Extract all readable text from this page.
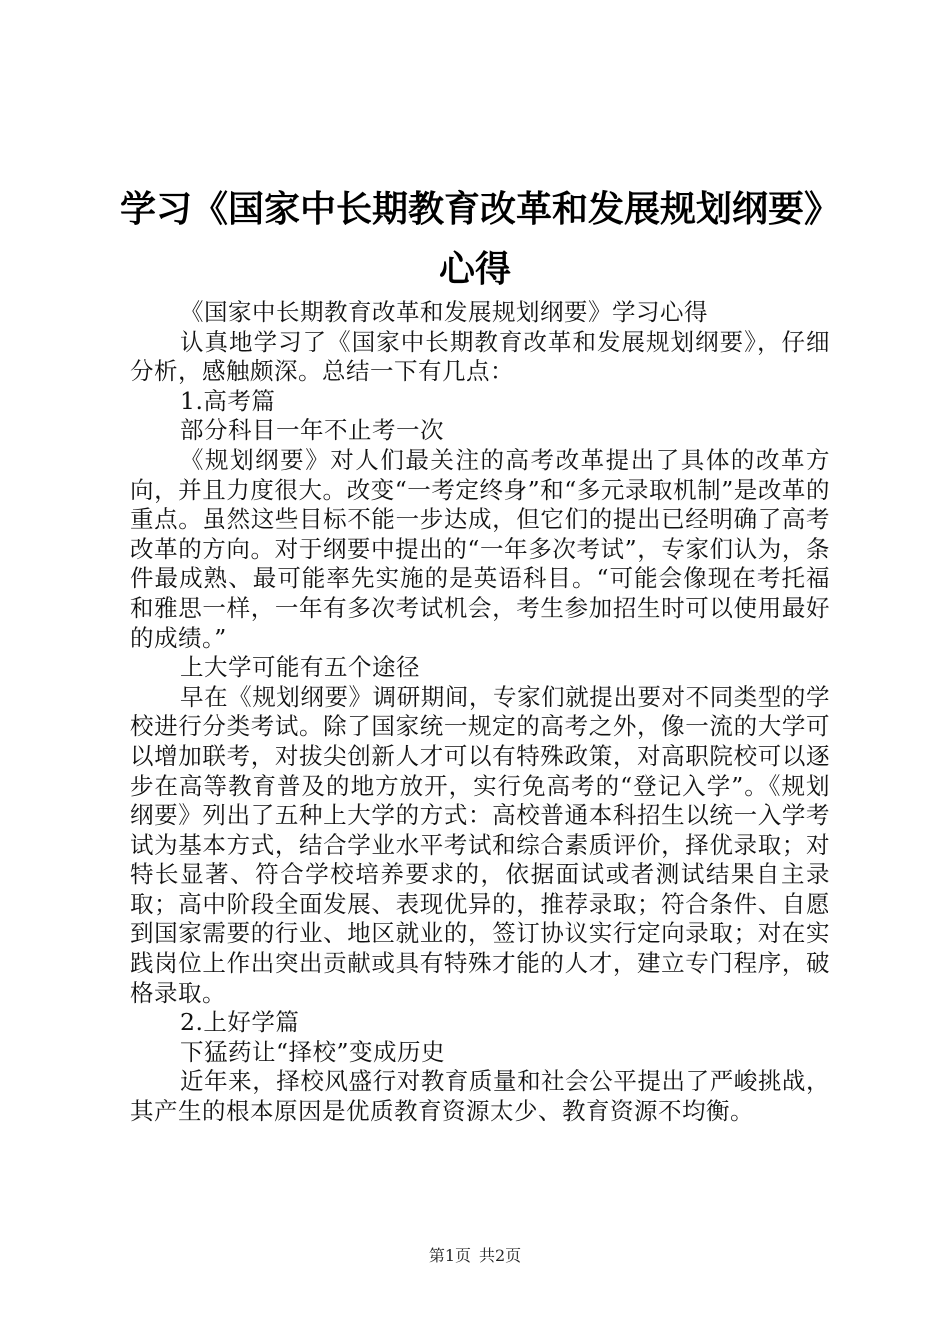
学习《国家中长期教育改革和发展规划纲要》
心得

《国家中长期教育改革和发展规划纲要》学习心得

认真地学习了《国家中长期教育改革和发展规划纲要》，仔细分析，感触颇深。总结一下有几点：

1.高考篇

部分科目一年不止考一次

《规划纲要》对人们最关注的高考改革提出了具体的改革方向，并且力度很大。改变“一考定终身”和“多元录取机制”是改革的重点。虽然这些目标不能一步达成，但它们的提出已经明确了高考改革的方向。对于纲要中提出的“一年多次考试”，专家们认为，条件最成熟、最可能率先实施的是英语科目。“可能会像现在考托福和雅思一样，一年有多次考试机会，考生参加招生时可以使用最好的成绩。”

上大学可能有五个途径

早在《规划纲要》调研期间，专家们就提出要对不同类型的学校进行分类考试。除了国家统一规定的高考之外，像一流的大学可以增加联考，对拔尖创新人才可以有特殊政策，对高职院校可以逐步在高等教育普及的地方放开，实行免高考的“登记入学”。《规划纲要》列出了五种上大学的方式：高校普通本科招生以统一入学考试为基本方式，结合学业水平考试和综合素质评价，择优录取；对特长显著、符合学校培养要求的，依据面试或者测试结果自主录取；高中阶段全面发展、表现优异的，推荐录取；符合条件、自愿到国家需要的行业、地区就业的，签订协议实行定向录取；对在实践岗位上作出突出贡献或具有特殊才能的人才，建立专门程序，破格录取。

2.上好学篇

下猛药让“择校”变成历史

近年来，择校风盛行对教育质量和社会公平提出了严峻挑战，其产生的根本原因是优质教育资源太少、教育资源不均衡。

第1页 共2页
